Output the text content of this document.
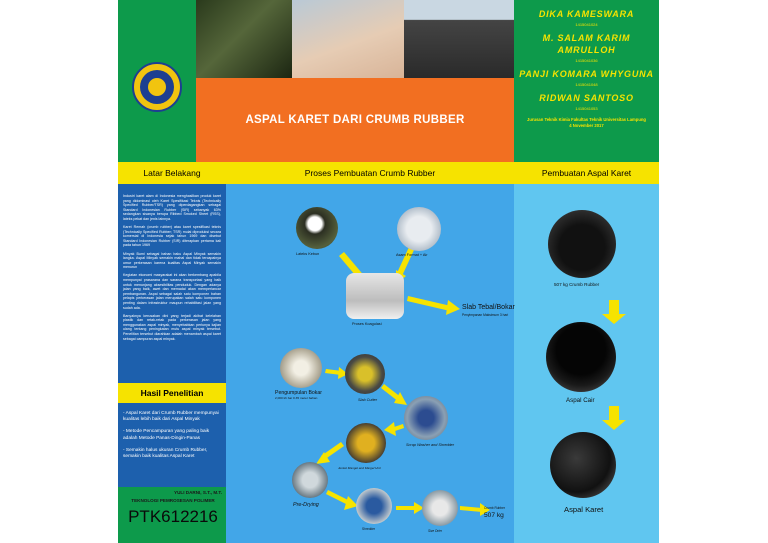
ASPAL KARET DARI CRUMB RUBBER
DIKA KAMESWARA
1415041024
M. SALAM KARIM AMRULLOH
1415041036
PANJI KOMARA WHYGUNA
1415041048
RIDWAN SANTOSO
1415041053
Jurusan Teknik Kimia Fakultas Teknik Universitas Lampung
4 November 2017
Latar Belakang	Proses Pembuatan Crumb Rubber	Pembuatan Aspal Karet

Industri karet alam di Indonesia menghasilkan produk karet yang didominasi oleh Karet Spesifikasi Teknis (Technically Specified Rubber/TSR) yang diperdagangkan sebagai Standard Indonesian Rubber (SIR) sebanyak 63% sedangkan sisanya berupa Ribbed Smoked Sheet (RSS), lateks pekat dan jenis lainnya.

Karet Remah (crumb rubber) atau karet spesifikasi teknis (Technically Specified Rubber; TSR) mulai diproduksi secara komersial di Indonesia sejak tahun 1969 dan disebut Standard Indonesian Rubber (SIR) diterapkan pertama kali pada tahun 1969

Minyak Bumi sebagai bahan baku Aspal Minyak semakin langka. Aspal Minyak semakin mahal dan tidak tercapainya umur perkerasan karena kualitas Aspal Minyak semakin menurun

Kegiatan ekonomi masyarakat ini akan berkembang apabila mempunyai prasarana dan sarana transportasi yang baik untuk menunjang aksesibilitas penduduk. Dengan adanya jalan yang baik, awet dan memadai akan memperlancar pembangunan. Aspal sebagai salah satu komponen bahan pelapis perkerasan jalan merupakan salah satu komponen penting dalam infrastruktur maupun rehabilitasi jalan yang sudah ada.

Banyaknya kerusakan dini yang terjadi akibat kelelahan plastik dan retak-retak pada perkerasan jalan yang menggunakan aspal minyak, menyebabkan perlunya kajian ulang tentang peningkatan mutu aspal minyak tersebut. Penelitian tersebut diarahkan adalah menambah aspal karet sebagai campuran aspal minyak.

Hasil Penelitian
- Aspal Karet dari Crumb Rubber mempunyai kualitas lebih baik dari Aspal Minyak
- Metode Pencampuran yang paling baik adalah Metode Panas-Dingin-Panas
- Semakin halus ukuran Crumb Rubber, semakin baik kualitas Aspal Karet
YULI DARNI, S.T., M.T.
TEKNOLOGI PEMROSESAN POLIMER
PTK612216
Lateks Kebun	Asam Format + Air
Proses Koagulasi
Slab Tebal/Bokar
Penyimpanan Maksimum 3 hari
Pengumpulan Bokar
2,000 kh bar 0.35 meter bahan	Slab Cutter
Scrap Washer and Shredder
Jenkel Mangel and Margel Unit
Pre-Drying
Shredder	Size Drier
Crumb Rubber
507 kg
507 kg Crumb Rubber
Aspal Cair
Aspal Karet
